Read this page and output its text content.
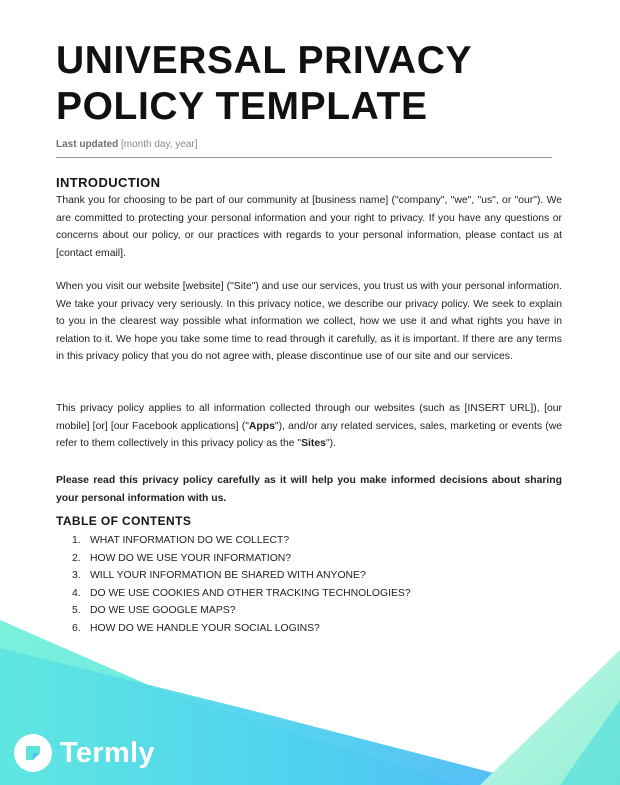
UNIVERSAL PRIVACY
POLICY TEMPLATE
Last updated [month day, year]
INTRODUCTION

Thank you for choosing to be part of our community at [business name] ("company", "we", "us", or "our"). We are committed to protecting your personal information and your right to privacy. If you have any questions or concerns about our policy, or our practices with regards to your personal information, please contact us at [contact email].

When you visit our website [website] ("Site") and use our services, you trust us with your personal information. We take your privacy very seriously. In this privacy notice, we describe our privacy policy. We seek to explain to you in the clearest way possible what information we collect, how we use it and what rights you have in relation to it. We hope you take some time to read through it carefully, as it is important. If there are any terms in this privacy policy that you do not agree with, please discontinue use of our site and our services.

This privacy policy applies to all information collected through our websites (such as [INSERT URL]), [our mobile] [or] [our Facebook applications] ("Apps"), and/or any related services, sales, marketing or events (we refer to them collectively in this privacy policy as the "Sites").

Please read this privacy policy carefully as it will help you make informed decisions about sharing your personal information with us.

TABLE OF CONTENTS
1. WHAT INFORMATION DO WE COLLECT?
2. HOW DO WE USE YOUR INFORMATION?
3. WILL YOUR INFORMATION BE SHARED WITH ANYONE?
4. DO WE USE COOKIES AND OTHER TRACKING TECHNOLOGIES?
5. DO WE USE GOOGLE MAPS?
6. HOW DO WE HANDLE YOUR SOCIAL LOGINS?
Termly
